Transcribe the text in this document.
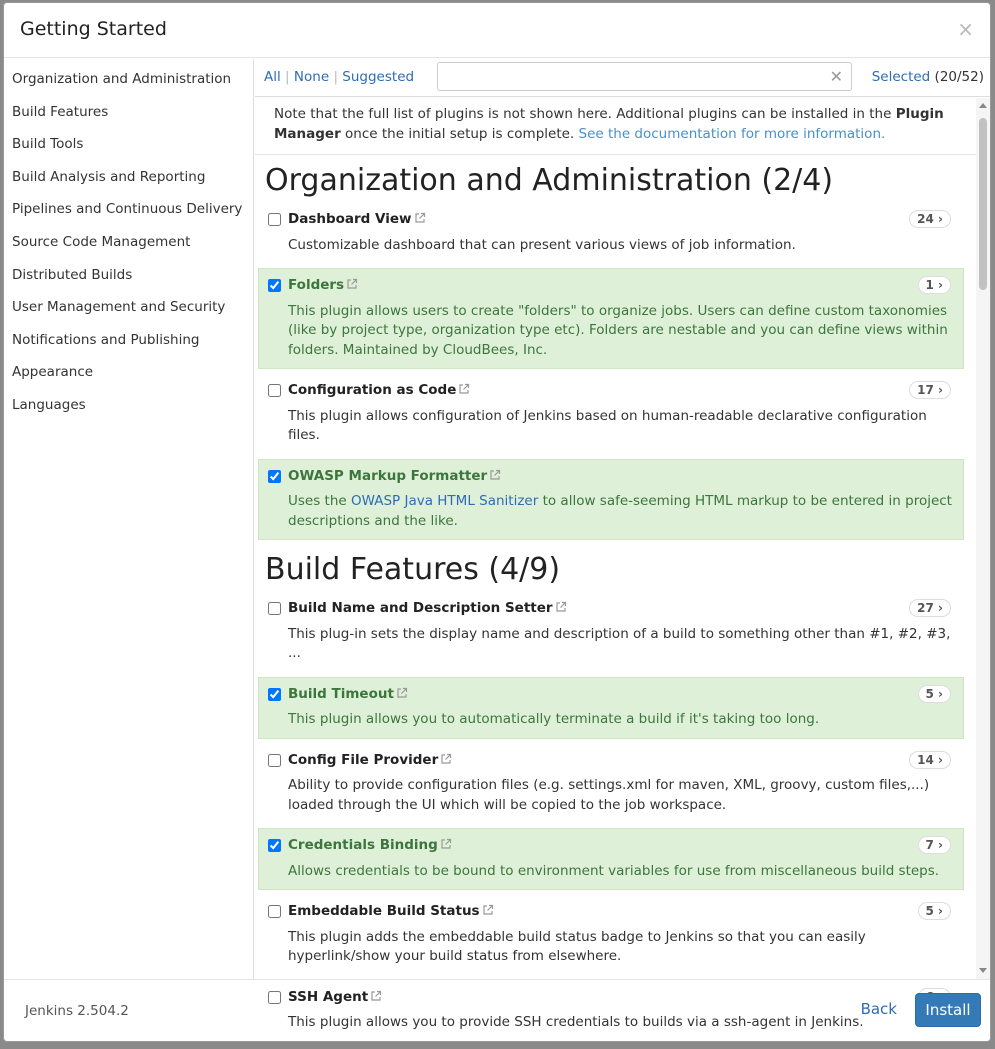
Getting Started	×
Organization and Administration
Build Features
Build Tools
Build Analysis and Reporting
Pipelines and Continuous Delivery
Source Code Management
Distributed Builds
User Management and Security
Notifications and Publishing
Appearance
Languages
All | None | Suggested	✕ Selected (20/52)
Note that the full list of plugins is not shown here. Additional plugins can be installed in the Plugin Manager once the initial setup is complete. See the documentation for more information.
Organization and Administration (2/4)
Dashboard View	24 ›
Customizable dashboard that can present various views of job information.
Folders	1 ›
This plugin allows users to create "folders" to organize jobs. Users can define custom taxonomies (like by project type, organization type etc). Folders are nestable and you can define views within folders. Maintained by CloudBees, Inc.
Configuration as Code	17 ›
This plugin allows configuration of Jenkins based on human-readable declarative configuration files.
OWASP Markup Formatter
Uses the OWASP Java HTML Sanitizer to allow safe-seeming HTML markup to be entered in project descriptions and the like.
Build Features (4/9)
Build Name and Description Setter	27 ›
This plug-in sets the display name and description of a build to something other than #1, #2, #3, ...
Build Timeout	5 ›
This plugin allows you to automatically terminate a build if it's taking too long.
Config File Provider	14 ›
Ability to provide configuration files (e.g. settings.xml for maven, XML, groovy, custom files,...) loaded through the UI which will be copied to the job workspace.
Credentials Binding	7 ›
Allows credentials to be bound to environment variables for use from miscellaneous build steps.
Embeddable Build Status	5 ›
This plugin adds the embeddable build status badge to Jenkins so that you can easily hyperlink/show your build status from elsewhere.
SSH Agent
This plugin allows you to provide SSH credentials to builds via a ssh-agent in Jenkins.
Jenkins 2.504.2	Back	Install
